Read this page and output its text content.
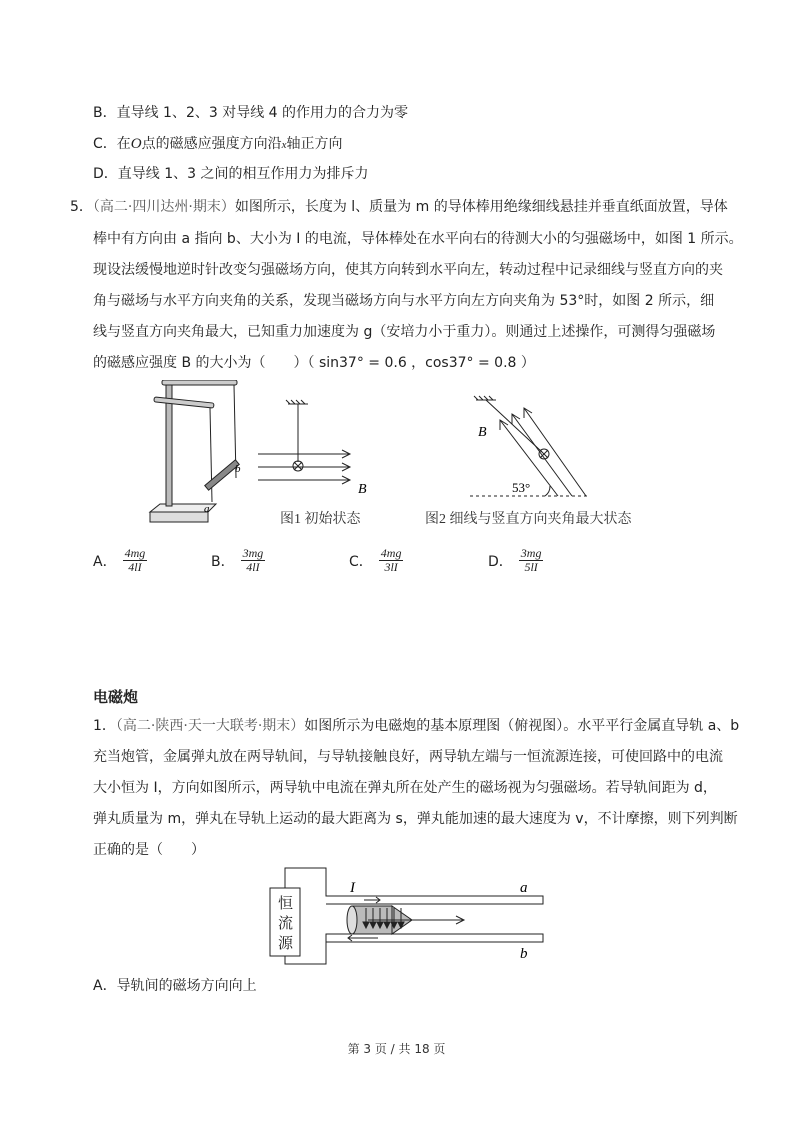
B．直导线 1、2、3 对导线 4 的作用力的合力为零
C．在O点的磁感应强度方向沿x轴正方向
D．直导线 1、3 之间的相互作用力为排斥力
5．（高二·四川达州·期末）如图所示，长度为 l、质量为 m 的导体棒用绝缘细线悬挂并垂直纸面放置，导体
棒中有方向由 a 指向 b、大小为 I 的电流，导体棒处在水平向右的待测大小的匀强磁场中，如图 1 所示。
现设法缓慢地逆时针改变匀强磁场方向，使其方向转到水平向左，转动过程中记录细线与竖直方向的夹
角与磁场与水平方向夹角的关系，发现当磁场方向与水平方向左方向夹角为 53°时，如图 2 所示，细
线与竖直方向夹角最大，已知重力加速度为 g（安培力小于重力）。则通过上述操作，可测得匀强磁场
的磁感应强度 B 的大小为（　　）（ sin37° = 0.6 ，cos37° = 0.8 ）
b
a
B
图1 初始状态
B
53°
图2 细线与竖直方向夹角最大状态
A． $\frac{4mg}{4lI}$	B． $\frac{3mg}{4lI}$	C． $\frac{4mg}{3lI}$	D． $\frac{3mg}{5lI}$
电磁炮
1．（高二·陕西·天一大联考·期末）如图所示为电磁炮的基本原理图（俯视图）。水平平行金属直导轨 a、b
充当炮管，金属弹丸放在两导轨间，与导轨接触良好，两导轨左端与一恒流源连接，可使回路中的电流
大小恒为 I，方向如图所示，两导轨中电流在弹丸所在处产生的磁场视为匀强磁场。若导轨间距为 d，
弹丸质量为 m，弹丸在导轨上运动的最大距离为 s，弹丸能加速的最大速度为 v，不计摩擦，则下列判断
正确的是（　　）
恒
流
源
I	a
b
A．导轨间的磁场方向向上
第 3 页 / 共 18 页
